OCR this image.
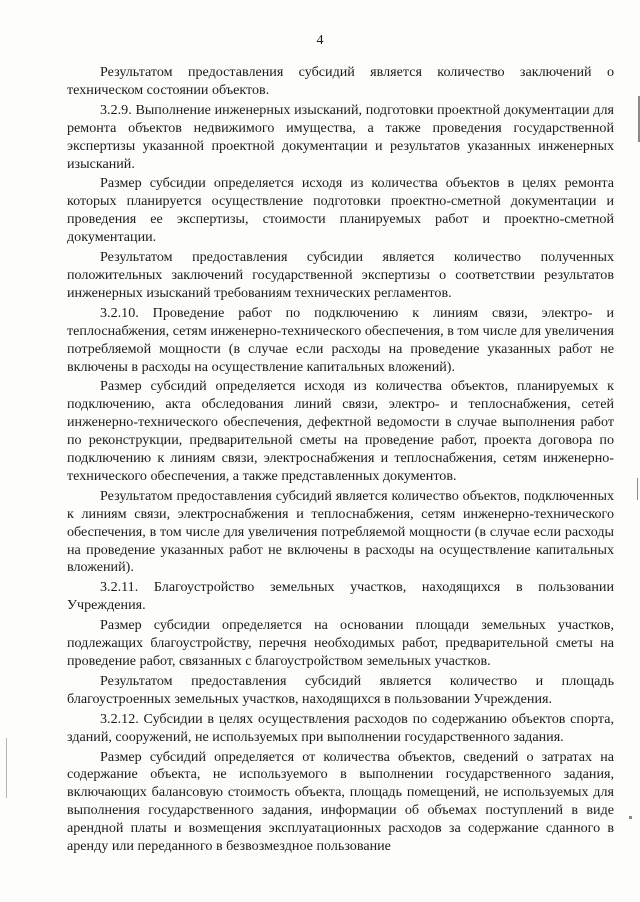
4

Результатом предоставления субсидий является количество заключений о техническом состоянии объектов.

3.2.9. Выполнение инженерных изысканий, подготовки проектной документации для ремонта объектов недвижимого имущества, а также проведения государственной экспертизы указанной проектной документации и результатов указанных инженерных изысканий.

Размер субсидии определяется исходя из количества объектов в целях ремонта которых планируется осуществление подготовки проектно-сметной документации и проведения ее экспертизы, стоимости планируемых работ и проектно-сметной документации.

Результатом предоставления субсидии является количество полученных положительных заключений государственной экспертизы о соответствии результатов инженерных изысканий требованиям технических регламентов.

3.2.10. Проведение работ по подключению к линиям связи, электро- и теплоснабжения, сетям инженерно-технического обеспечения, в том числе для увеличения потребляемой мощности (в случае если расходы на проведение указанных работ не включены в расходы на осуществление капитальных вложений).

Размер субсидий определяется исходя из количества объектов, планируемых к подключению, акта обследования линий связи, электро- и теплоснабжения, сетей инженерно-технического обеспечения, дефектной ведомости в случае выполнения работ по реконструкции, предварительной сметы на проведение работ, проекта договора по подключению к линиям связи, электроснабжения и теплоснабжения, сетям инженерно-технического обеспечения, а также представленных документов.

Результатом предоставления субсидий является количество объектов, подключенных к линиям связи, электроснабжения и теплоснабжения, сетям инженерно-технического обеспечения, в том числе для увеличения потребляемой мощности (в случае если расходы на проведение указанных работ не включены в расходы на осуществление капитальных вложений).

3.2.11. Благоустройство земельных участков, находящихся в пользовании Учреждения.

Размер субсидии определяется на основании площади земельных участков, подлежащих благоустройству, перечня необходимых работ, предварительной сметы на проведение работ, связанных с благоустройством земельных участков.

Результатом предоставления субсидий является количество и площадь благоустроенных земельных участков, находящихся в пользовании Учреждения.

3.2.12. Субсидии в целях осуществления расходов по содержанию объектов спорта, зданий, сооружений, не используемых при выполнении государственного задания.

Размер субсидий определяется от количества объектов, сведений о затратах на содержание объекта, не используемого в выполнении государственного задания, включающих балансовую стоимость объекта, площадь помещений, не используемых для выполнения государственного задания, информации об объемах поступлений в виде арендной платы и возмещения эксплуатационных расходов за содержание сданного в аренду или переданного в безвозмездное пользование
